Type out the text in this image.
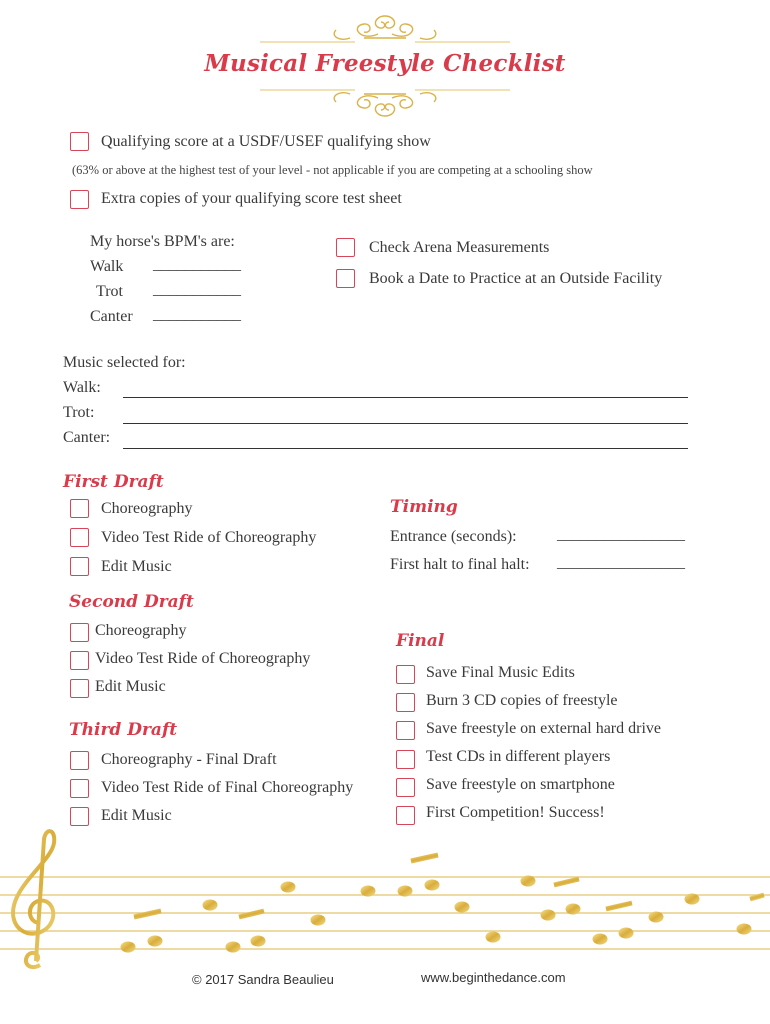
Musical Freestyle Checklist
Qualifying score at a USDF/USEF qualifying show
(63% or above at the highest test of your level - not applicable if you are competing at a schooling show
Extra copies of your qualifying score test sheet
My horse's BPM's are:
Walk ___________
Trot ___________
Canter ___________
Check Arena Measurements
Book a Date to Practice at an Outside Facility
Music selected for:
Walk:
Trot:
Canter:
First Draft
Choreography
Video Test Ride of Choreography
Edit Music
Timing
Entrance (seconds):	________________
First halt to final halt: ________________
Second Draft
Choreography
Video Test Ride of Choreography
Edit Music
Final
Save Final Music Edits
Burn 3 CD copies of freestyle
Save freestyle on external hard drive
Test CDs in different players
Save freestyle on smartphone
First Competition! Success!
Third Draft
Choreography - Final Draft
Video Test Ride of Final Choreography
Edit Music
© 2017 Sandra Beaulieu	www.beginthedance.com
